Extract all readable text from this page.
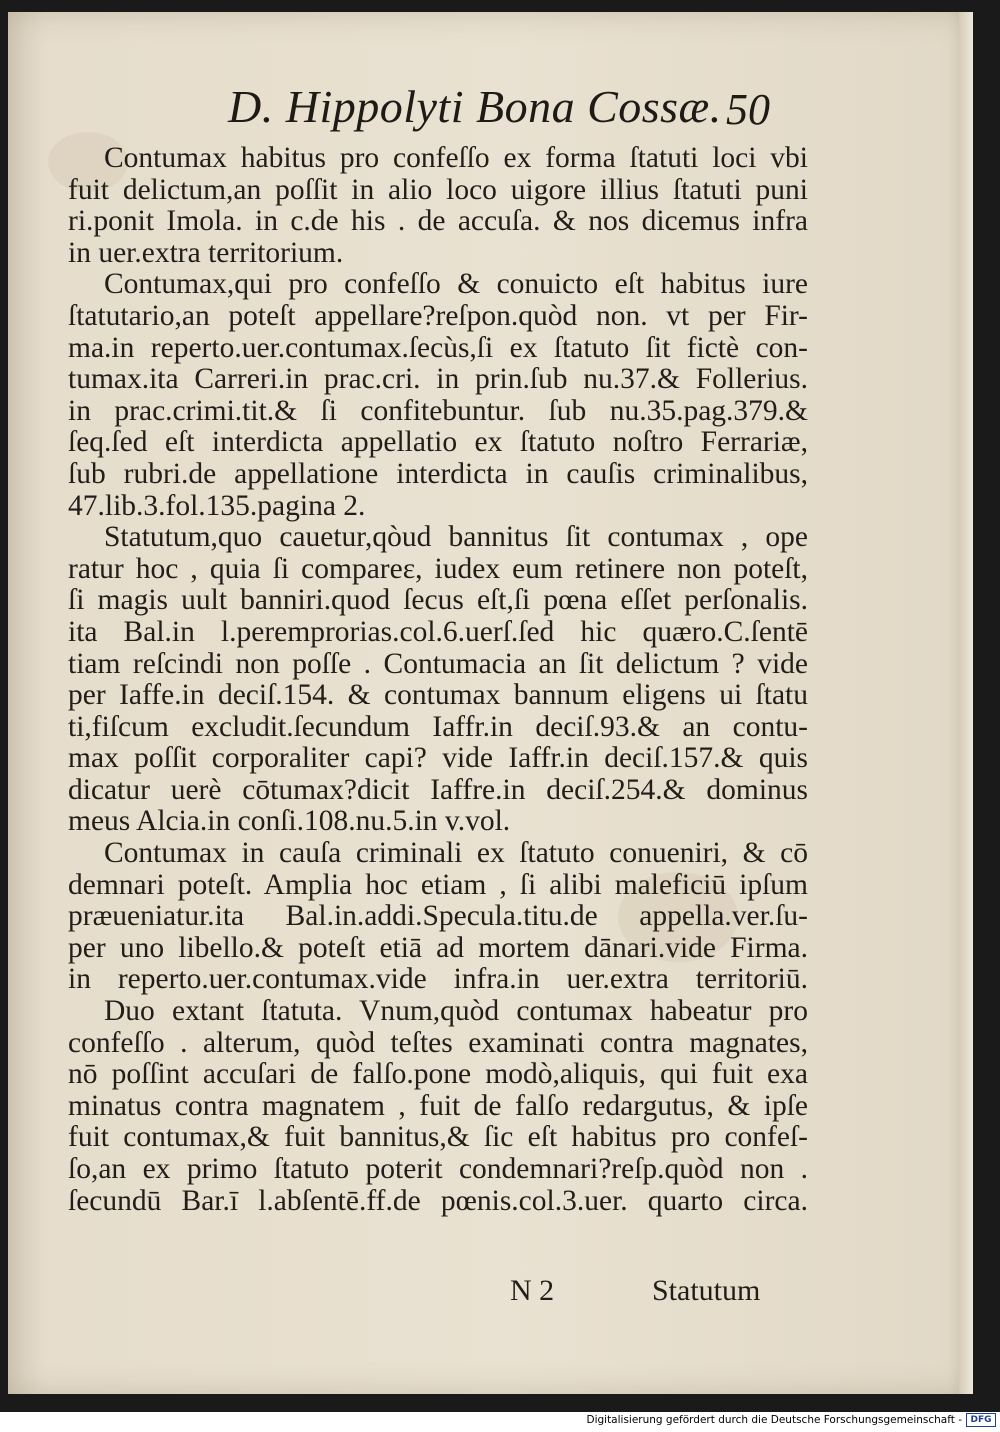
D. Hippolyti Bona Cossæ. 50
Contumax habitus pro confeſſo ex forma ſtatuti loci vbi
fuit delictum,an poſſit in alio loco uigore illius ſtatuti puni
ri.ponit Imola. in c.de his . de accuſa. & nos dicemus infra
in uer.extra territorium.
Contumax,qui pro confeſſo & conuicto eſt habitus iure
ſtatutario,an poteſt appellare?reſpon.quòd non. vt per Fir-
ma.in reperto.uer.contumax.ſecùs,ſi ex ſtatuto ſit fictè con-
tumax.ita Carreri.in prac.cri. in prin.ſub nu.37.& Follerius.
in prac.crimi.tit.& ſi confitebuntur. ſub nu.35.pag.379.&
ſeq.ſed eſt interdicta appellatio ex ſtatuto noſtro Ferrariæ,
ſub rubri.de appellatione interdicta in cauſis criminalibus,
47.lib.3.fol.135.pagina 2.
Statutum,quo cauetur,qòud bannitus ſit contumax , ope
ratur hoc , quia ſi compareɛ, iudex eum retinere non poteſt,
ſi magis uult banniri.quod ſecus eſt,ſi pœna eſſet perſonalis.
ita Bal.in l.peremprorias.col.6.uerſ.ſed hic quæro.C.ſentē
tiam reſcindi non poſſe . Contumacia an ſit delictum ? vide
per Iaffe.in deciſ.154. & contumax bannum eligens ui ſtatu
ti,fiſcum excludit.ſecundum Iaffr.in deciſ.93.& an contu-
max poſſit corporaliter capi? vide Iaffr.in deciſ.157.& quis
dicatur uerè cōtumax?dicit Iaffre.in deciſ.254.& dominus
meus Alcia.in conſi.108.nu.5.in v.vol.
Contumax in cauſa criminali ex ſtatuto conueniri, & cō
demnari poteſt. Amplia hoc etiam , ſi alibi maleficiū ipſum
præueniatur.ita Bal.in.addi.Specula.titu.de appella.ver.ſu-
per uno libello.& poteſt etiā ad mortem dānari.vide Firma.
in reperto.uer.contumax.vide infra.in uer.extra territoriū.
Duo extant ſtatuta. Vnum,quòd contumax habeatur pro
confeſſo . alterum, quòd teſtes examinati contra magnates,
nō poſſint accuſari de falſo.pone modò,aliquis, qui fuit exa
minatus contra magnatem , fuit de falſo redargutus, & ipſe
fuit contumax,& fuit bannitus,& ſic eſt habitus pro confeſ-
ſo,an ex primo ſtatuto poterit condemnari?reſp.quòd non .
ſecundū Bar.ī l.abſentē.ff.de pœnis.col.3.uer. quarto circa.
N 2	Statutum
Digitalisierung gefördert durch die Deutsche Forschungsgemeinschaft - DFG
